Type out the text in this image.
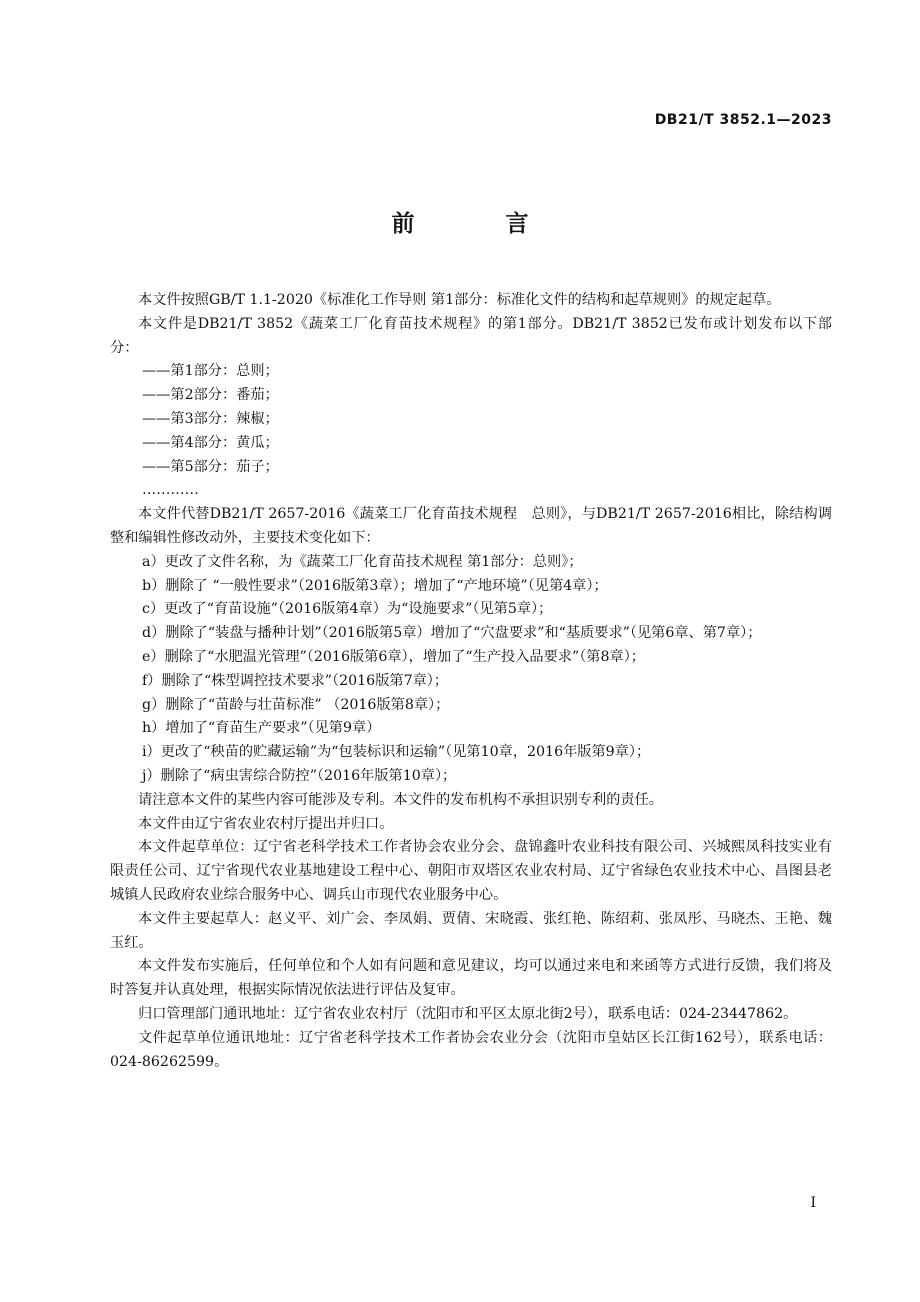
DB21/T 3852.1—2023
前　言

本文件按照GB/T 1.1-2020《标准化工作导则 第1部分：标准化文件的结构和起草规则》的规定起草。

本文件是DB21/T 3852《蔬菜工厂化育苗技术规程》的第1部分。DB21/T 3852已发布或计划发布以下部分：

——第1部分：总则；

——第2部分：番茄；

——第3部分：辣椒；

——第4部分：黄瓜；

——第5部分：茄子；

…………

本文件代替DB21/T 2657-2016《蔬菜工厂化育苗技术规程　总则》，与DB21/T 2657-2016相比，除结构调整和编辑性修改动外，主要技术变化如下：

a）更改了文件名称，为《蔬菜工厂化育苗技术规程 第1部分：总则》；

b）删除了 “一般性要求”（2016版第3章）；增加了“产地环境”（见第4章）；

c）更改了“育苗设施”（2016版第4章）为“设施要求”（见第5章）；

d）删除了“装盘与播种计划”（2016版第5章）增加了“穴盘要求”和“基质要求”（见第6章、第7章）；

e）删除了“水肥温光管理”（2016版第6章），增加了“生产投入品要求”（第8章）；

f）删除了“株型调控技术要求”（2016版第7章）；

g）删除了“苗龄与壮苗标准” （2016版第8章）；

h）增加了“育苗生产要求”（见第9章）

i）更改了“秧苗的贮藏运输”为“包装标识和运输”（见第10章，2016年版第9章）；

j）删除了“病虫害综合防控”（2016年版第10章）；

请注意本文件的某些内容可能涉及专利。本文件的发布机构不承担识别专利的责任。

本文件由辽宁省农业农村厅提出并归口。

本文件起草单位：辽宁省老科学技术工作者协会农业分会、盘锦鑫叶农业科技有限公司、兴城熙凤科技实业有限责任公司、辽宁省现代农业基地建设工程中心、朝阳市双塔区农业农村局、辽宁省绿色农业技术中心、昌图县老城镇人民政府农业综合服务中心、调兵山市现代农业服务中心。

本文件主要起草人：赵义平、刘广会、李凤娟、贾倩、宋晓霞、张红艳、陈绍莉、张凤彤、马晓杰、王艳、魏玉红。

本文件发布实施后，任何单位和个人如有问题和意见建议，均可以通过来电和来函等方式进行反馈，我们将及时答复并认真处理，根据实际情况依法进行评估及复审。

归口管理部门通讯地址：辽宁省农业农村厅（沈阳市和平区太原北街2号），联系电话：024-23447862。

文件起草单位通讯地址：辽宁省老科学技术工作者协会农业分会（沈阳市皇姑区长江街162号），联系电话：024-86262599。

I
